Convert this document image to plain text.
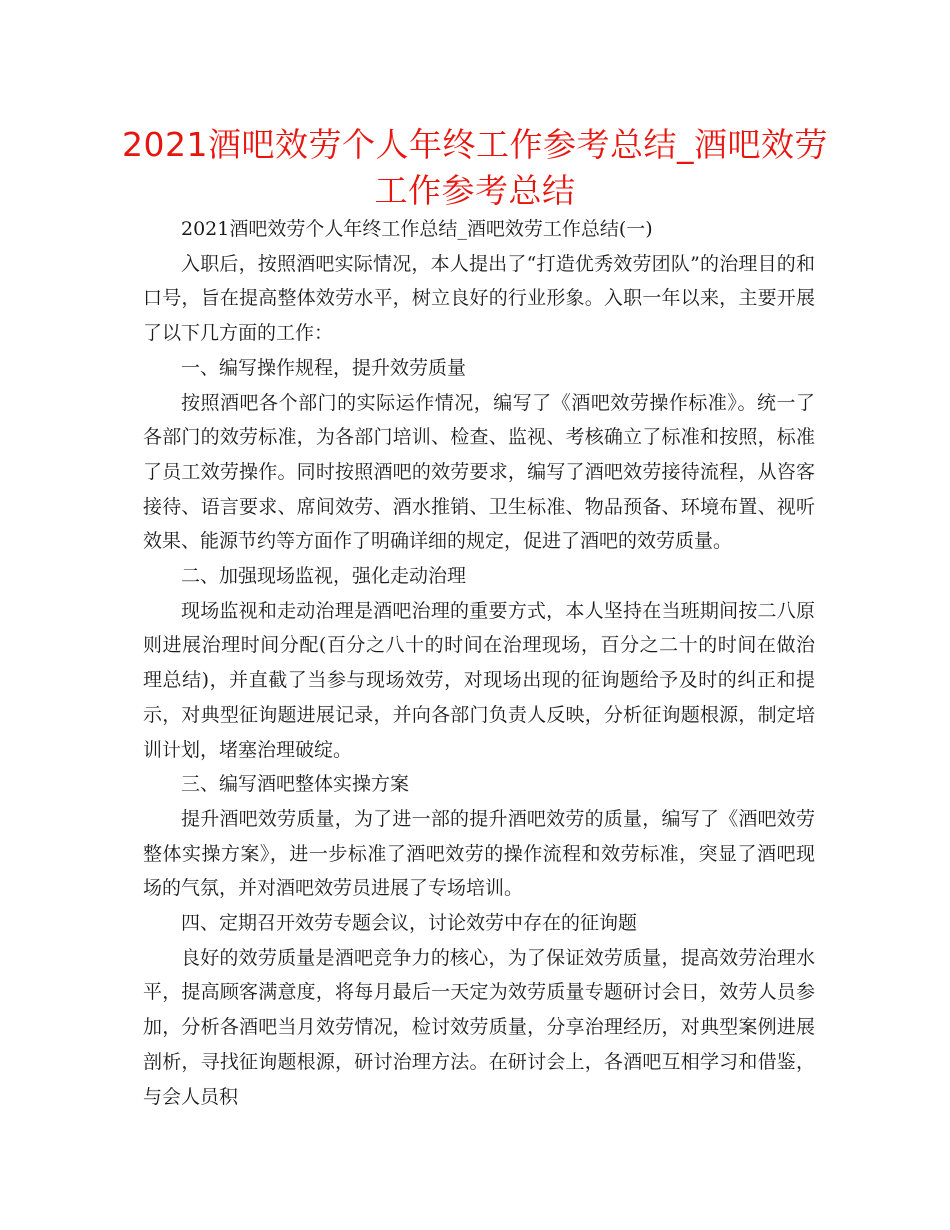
2021酒吧效劳个人年终工作参考总结_酒吧效劳工作参考总结

2021酒吧效劳个人年终工作总结_酒吧效劳工作总结(一)

入职后，按照酒吧实际情况，本人提出了“打造优秀效劳团队”的治理目的和口号，旨在提高整体效劳水平，树立良好的行业形象。入职一年以来，主要开展了以下几方面的工作：

一、编写操作规程，提升效劳质量

按照酒吧各个部门的实际运作情况，编写了《酒吧效劳操作标准》。统一了各部门的效劳标准，为各部门培训、检查、监视、考核确立了标准和按照，标准了员工效劳操作。同时按照酒吧的效劳要求，编写了酒吧效劳接待流程，从咨客接待、语言要求、席间效劳、酒水推销、卫生标准、物品预备、环境布置、视听效果、能源节约等方面作了明确详细的规定，促进了酒吧的效劳质量。

二、加强现场监视，强化走动治理

现场监视和走动治理是酒吧治理的重要方式，本人坚持在当班期间按二八原则进展治理时间分配(百分之八十的时间在治理现场，百分之二十的时间在做治理总结)，并直截了当参与现场效劳，对现场出现的征询题给予及时的纠正和提示，对典型征询题进展记录，并向各部门负责人反映，分析征询题根源，制定培训计划，堵塞治理破绽。

三、编写酒吧整体实操方案

提升酒吧效劳质量，为了进一部的提升酒吧效劳的质量，编写了《酒吧效劳整体实操方案》，进一步标准了酒吧效劳的操作流程和效劳标准，突显了酒吧现场的气氛，并对酒吧效劳员进展了专场培训。

四、定期召开效劳专题会议，讨论效劳中存在的征询题

良好的效劳质量是酒吧竞争力的核心，为了保证效劳质量，提高效劳治理水平，提高顾客满意度，将每月最后一天定为效劳质量专题研讨会日，效劳人员参加，分析各酒吧当月效劳情况，检讨效劳质量，分享治理经历，对典型案例进展剖析，寻找征询题根源，研讨治理方法。在研讨会上，各酒吧互相学习和借鉴，与会人员积
